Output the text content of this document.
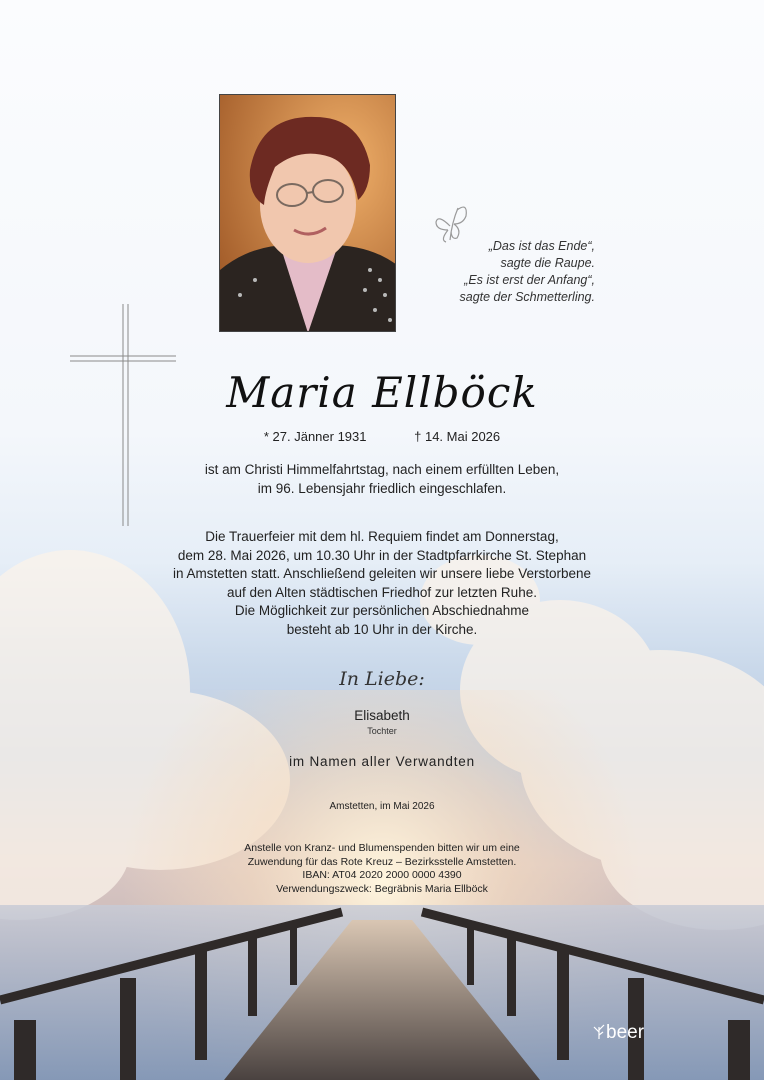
„Das ist das Ende“,
sagte die Raupe.
„Es ist erst der Anfang“,
sagte der Schmetterling.
Maria Ellböck
* 27. Jänner 1931	† 14. Mai 2026
ist am Christi Himmelfahrtstag, nach einem erfüllten Leben,
im 96. Lebensjahr friedlich eingeschlafen.
Die Trauerfeier mit dem hl. Requiem findet am Donnerstag,
dem 28. Mai 2026, um 10.30 Uhr in der Stadtpfarrkirche St. Stephan
in Amstetten statt. Anschließend geleiten wir unsere liebe Verstorbene
auf den Alten städtischen Friedhof zur letzten Ruhe.
Die Möglichkeit zur persönlichen Abschiednahme
besteht ab 10 Uhr in der Kirche.
In Liebe:
Elisabeth
Tochter
im Namen aller Verwandten
Amstetten, im Mai 2026
Anstelle von Kranz- und Blumenspenden bitten wir um eine
Zuwendung für das Rote Kreuz – Bezirksstelle Amstetten.
IBAN: AT04 2020 2000 0000 4390
Verwendungszweck: Begräbnis Maria Ellböck
beer
